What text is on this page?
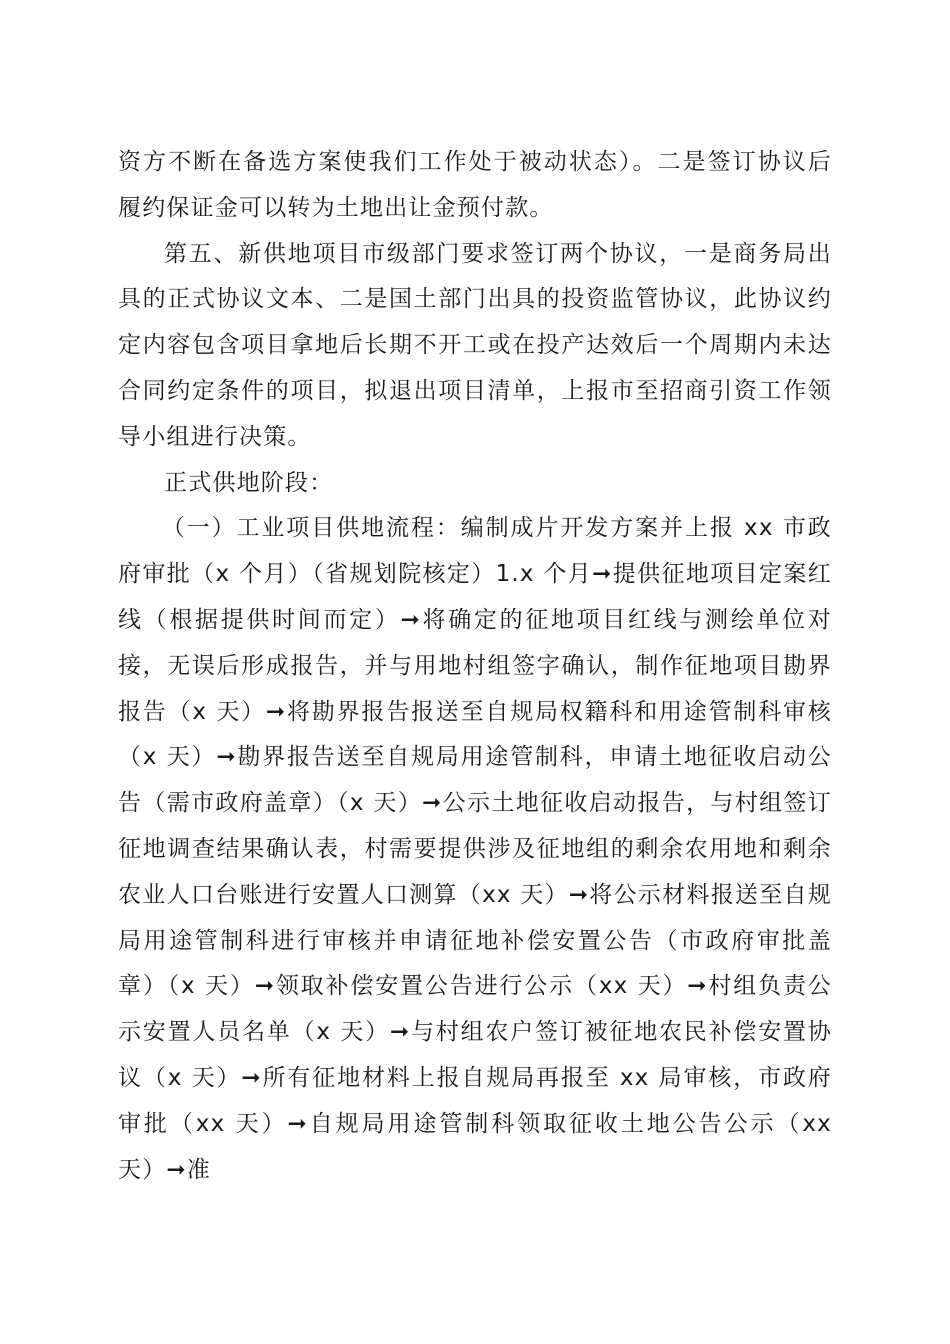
资方不断在备选方案使我们工作处于被动状态）。二是签订协议后履约保证金可以转为土地出让金预付款。

第五、新供地项目市级部门要求签订两个协议，一是商务局出具的正式协议文本、二是国土部门出具的投资监管协议，此协议约定内容包含项目拿地后长期不开工或在投产达效后一个周期内未达合同约定条件的项目，拟退出项目清单，上报市至招商引资工作领导小组进行决策。

正式供地阶段：

（一）工业项目供地流程：编制成片开发方案并上报 xx 市政府审批（x 个月）（省规划院核定）1.x 个月➞提供征地项目定案红线（根据提供时间而定）➞将确定的征地项目红线与测绘单位对接，无误后形成报告，并与用地村组签字确认，制作征地项目勘界报告（x 天）➞将勘界报告报送至自规局权籍科和用途管制科审核（x 天）➞勘界报告送至自规局用途管制科，申请土地征收启动公告（需市政府盖章）（x 天）➞公示土地征收启动报告，与村组签订征地调查结果确认表，村需要提供涉及征地组的剩余农用地和剩余农业人口台账进行安置人口测算（xx 天）➞将公示材料报送至自规局用途管制科进行审核并申请征地补偿安置公告（市政府审批盖章）（x 天）➞领取补偿安置公告进行公示（xx 天）➞村组负责公示安置人员名单（x 天）➞与村组农户签订被征地农民补偿安置协议（x 天）➞所有征地材料上报自规局再报至 xx 局审核，市政府审批（xx 天）➞自规局用途管制科领取征收土地公告公示（xx 天）➞准
